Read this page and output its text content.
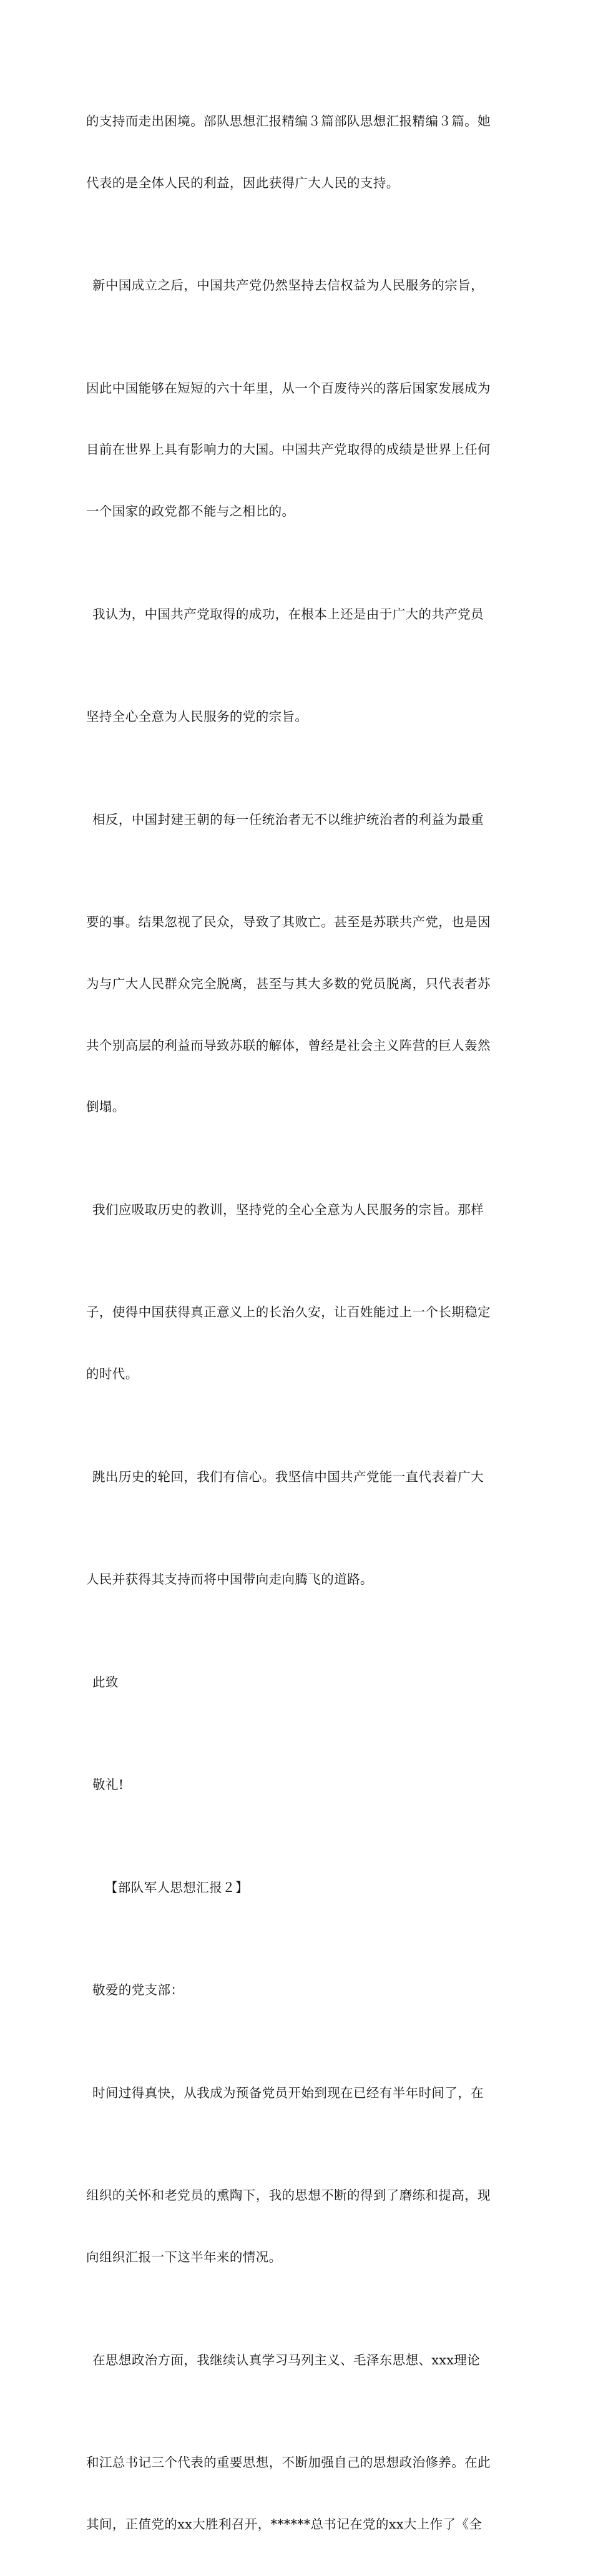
的支持而走出困境。部队思想汇报精编３篇部队思想汇报精编３篇。她

代表的是全体人民的利益，因此获得广大人民的支持。

新中国成立之后，中国共产党仍然坚持去信权益为人民服务的宗旨，

因此中国能够在短短的六十年里，从一个百废待兴的落后国家发展成为

目前在世界上具有影响力的大国。中国共产党取得的成绩是世界上任何

一个国家的政党都不能与之相比的。

我认为，中国共产党取得的成功，在根本上还是由于广大的共产党员

坚持全心全意为人民服务的党的宗旨。

相反，中国封建王朝的每一任统治者无不以维护统治者的利益为最重

要的事。结果忽视了民众，导致了其败亡。甚至是苏联共产党，也是因

为与广大人民群众完全脱离，甚至与其大多数的党员脱离，只代表者苏

共个别高层的利益而导致苏联的解体，曾经是社会主义阵营的巨人轰然

倒塌。

我们应吸取历史的教训，坚持党的全心全意为人民服务的宗旨。那样

子，使得中国获得真正意义上的长治久安，让百姓能过上一个长期稳定

的时代。

跳出历史的轮回，我们有信心。我坚信中国共产党能一直代表着广大

人民并获得其支持而将中国带向走向腾飞的道路。

此致

敬礼!

【部队军人思想汇报２】

敬爱的党支部：

时间过得真快，从我成为预备党员开始到现在已经有半年时间了，在

组织的关怀和老党员的熏陶下，我的思想不断的得到了磨练和提高，现

向组织汇报一下这半年来的情况。

在思想政治方面，我继续认真学习马列主义、毛泽东思想、xxx理论

和江总书记三个代表的重要思想，不断加强自己的思想政治修养。在此

其间，正值党的xx大胜利召开，******总书记在党的xx大上作了《全
